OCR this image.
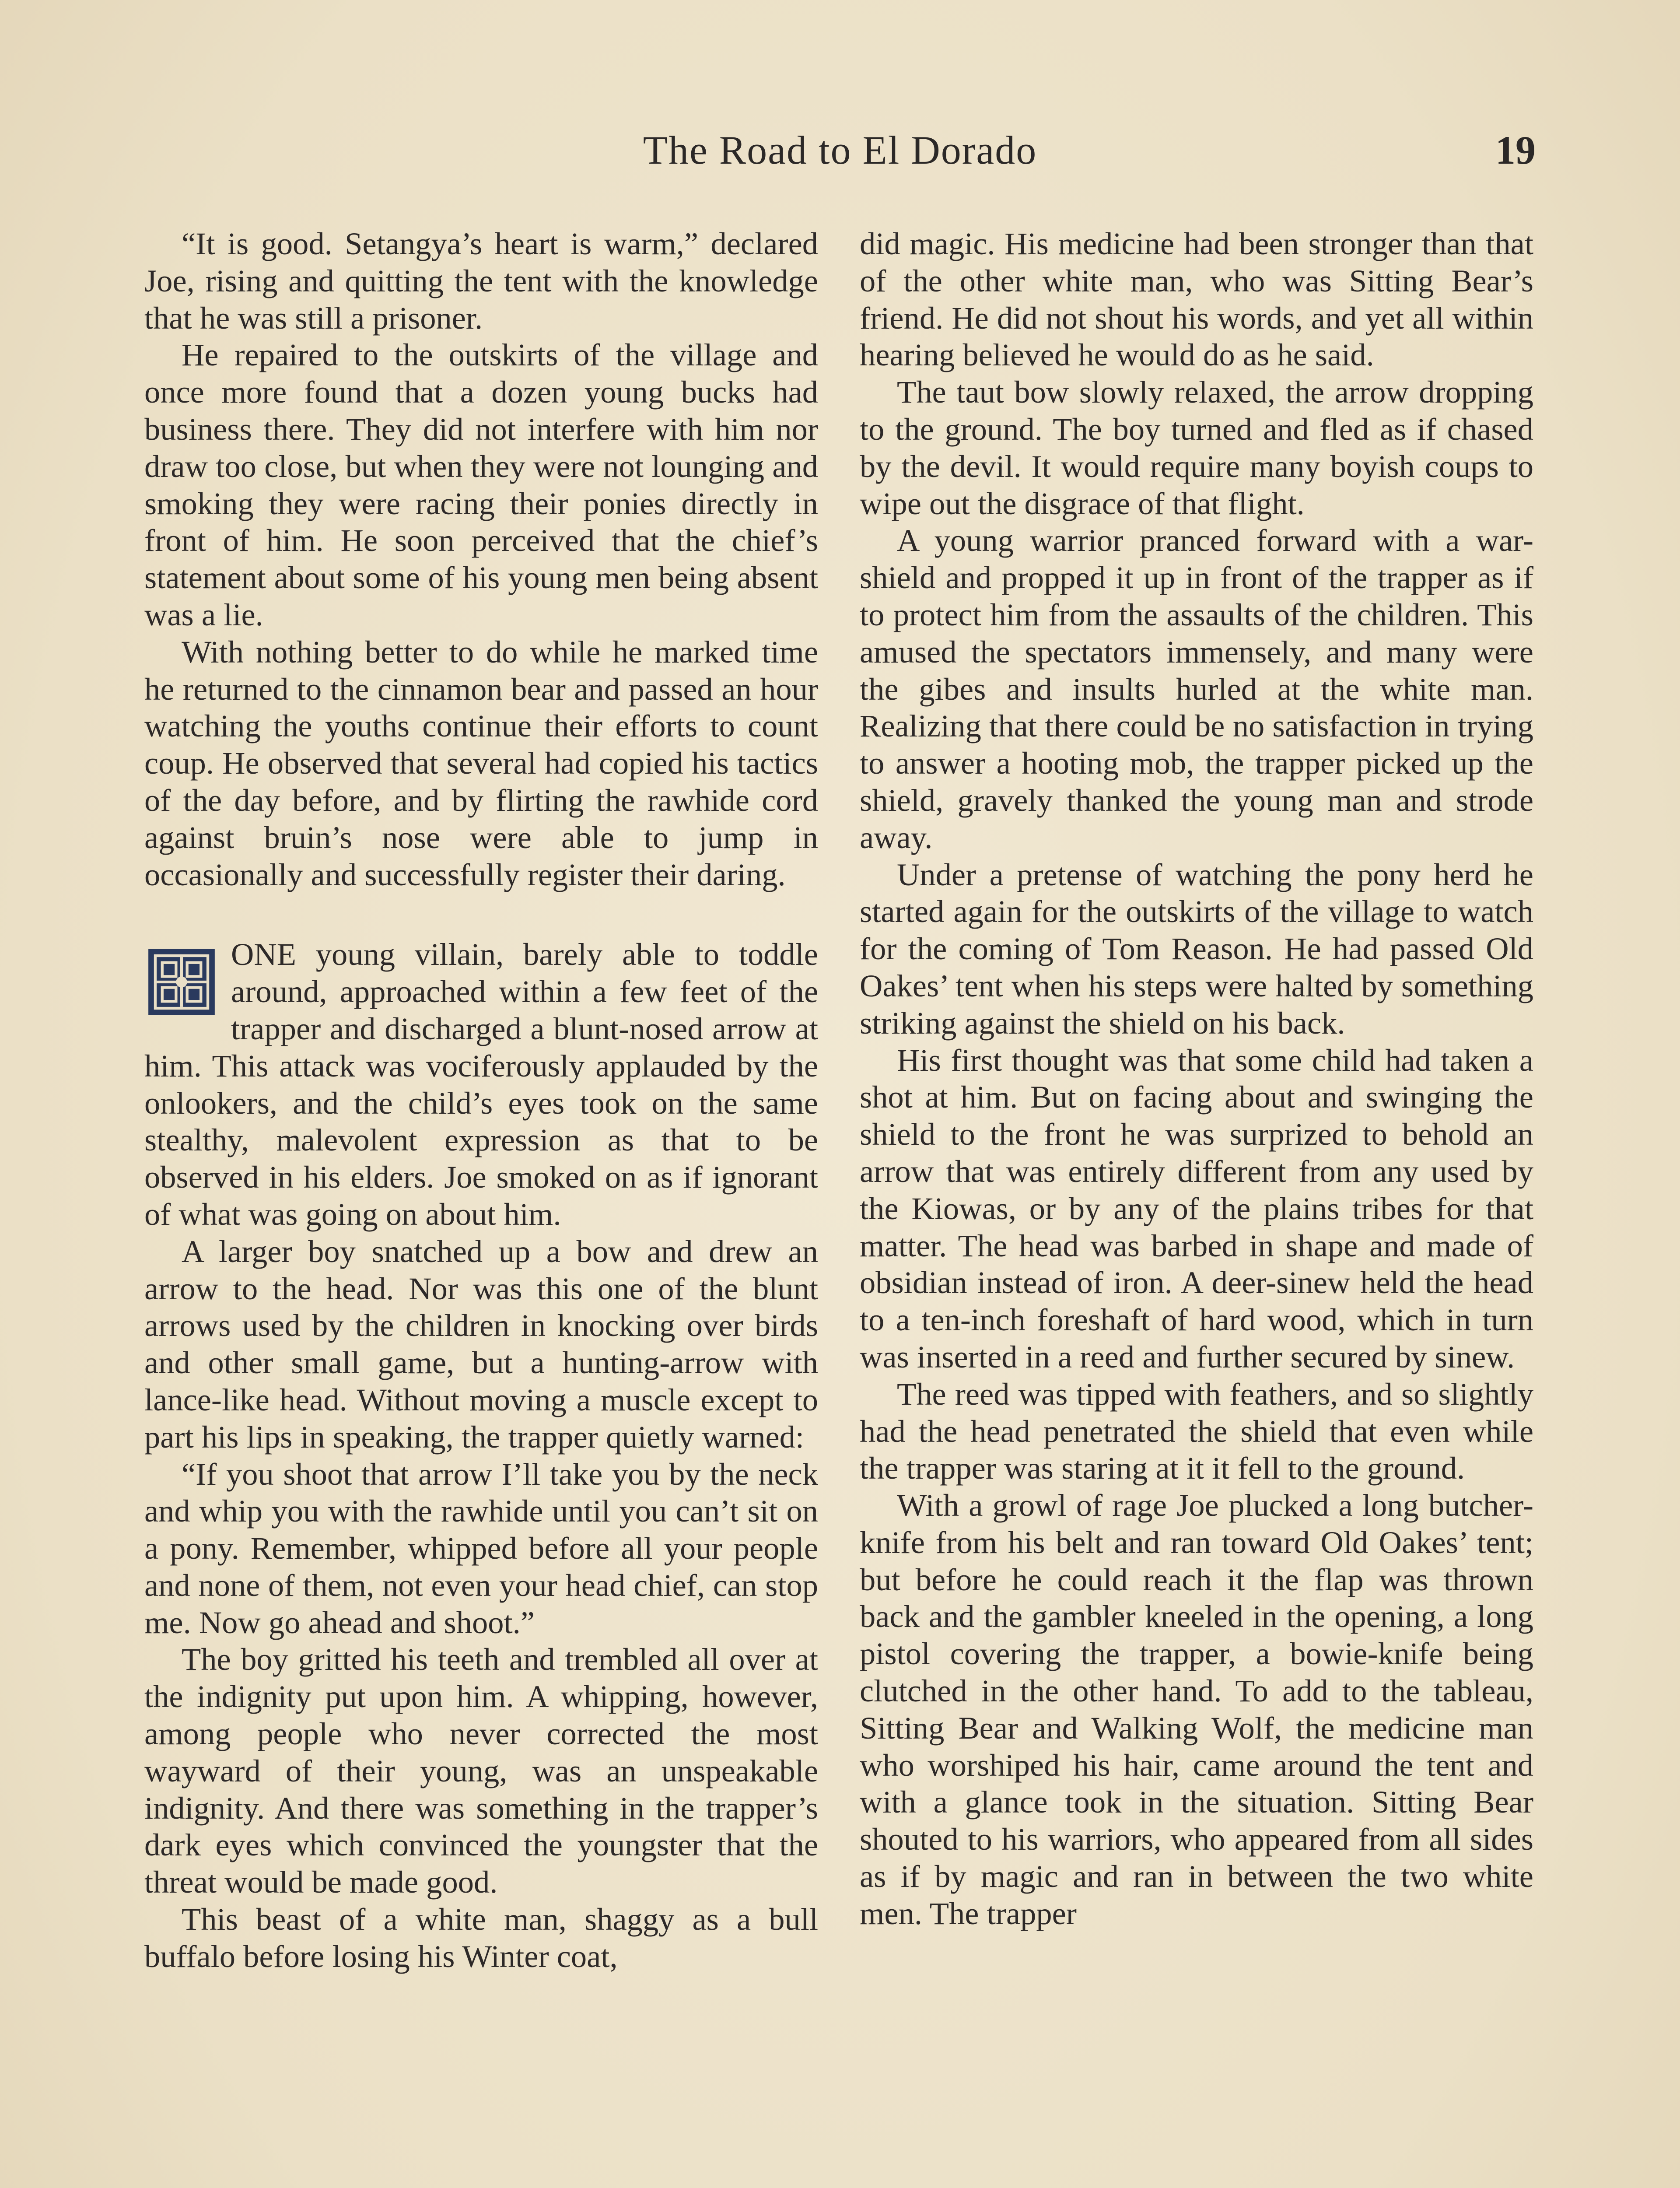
The Road to El Dorado	19

“It is good. Setangya’s heart is warm,” declared Joe, rising and quitting the tent with the knowledge that he was still a prisoner.

He repaired to the outskirts of the village and once more found that a dozen young bucks had business there. They did not interfere with him nor draw too close, but when they were not lounging and smoking they were racing their ponies directly in front of him. He soon perceived that the chief’s statement about some of his young men being absent was a lie.

With nothing better to do while he marked time he returned to the cinnamon bear and passed an hour watching the youths continue their efforts to count coup. He observed that several had copied his tactics of the day before, and by flirting the rawhide cord against bruin’s nose were able to jump in occasionally and successfully register their daring.

ONE young villain, barely able to toddle around, approached within a few feet of the trapper and discharged a blunt-nosed arrow at him. This attack was vociferously applauded by the onlookers, and the child’s eyes took on the same stealthy, malevolent expression as that to be observed in his elders. Joe smoked on as if ignorant of what was going on about him.

A larger boy snatched up a bow and drew an arrow to the head. Nor was this one of the blunt arrows used by the children in knocking over birds and other small game, but a hunting-arrow with lance-like head. Without moving a muscle except to part his lips in speaking, the trapper quietly warned:

“If you shoot that arrow I’ll take you by the neck and whip you with the rawhide until you can’t sit on a pony. Remember, whipped before all your people and none of them, not even your head chief, can stop me. Now go ahead and shoot.”

The boy gritted his teeth and trembled all over at the indignity put upon him. A whipping, however, among people who never corrected the most wayward of their young, was an unspeakable indignity. And there was something in the trapper’s dark eyes which convinced the youngster that the threat would be made good.

This beast of a white man, shaggy as a bull buffalo before losing his Winter coat,

did magic. His medicine had been stronger than that of the other white man, who was Sitting Bear’s friend. He did not shout his words, and yet all within hearing believed he would do as he said.

The taut bow slowly relaxed, the arrow dropping to the ground. The boy turned and fled as if chased by the devil. It would require many boyish coups to wipe out the disgrace of that flight.

A young warrior pranced forward with a war-shield and propped it up in front of the trapper as if to protect him from the assaults of the children. This amused the spectators immensely, and many were the gibes and insults hurled at the white man. Realizing that there could be no satisfaction in trying to answer a hooting mob, the trapper picked up the shield, gravely thanked the young man and strode away.

Under a pretense of watching the pony herd he started again for the outskirts of the village to watch for the coming of Tom Reason. He had passed Old Oakes’ tent when his steps were halted by something striking against the shield on his back.

His first thought was that some child had taken a shot at him. But on facing about and swinging the shield to the front he was surprized to behold an arrow that was entirely different from any used by the Kiowas, or by any of the plains tribes for that matter. The head was barbed in shape and made of obsidian instead of iron. A deer-sinew held the head to a ten-inch foreshaft of hard wood, which in turn was inserted in a reed and further secured by sinew.

The reed was tipped with feathers, and so slightly had the head penetrated the shield that even while the trapper was staring at it it fell to the ground.

With a growl of rage Joe plucked a long butcher-knife from his belt and ran toward Old Oakes’ tent; but before he could reach it the flap was thrown back and the gambler kneeled in the opening, a long pistol covering the trapper, a bowie-knife being clutched in the other hand. To add to the tableau, Sitting Bear and Walking Wolf, the medicine man who worshiped his hair, came around the tent and with a glance took in the situation. Sitting Bear shouted to his warriors, who appeared from all sides as if by magic and ran in between the two white men. The trapper
